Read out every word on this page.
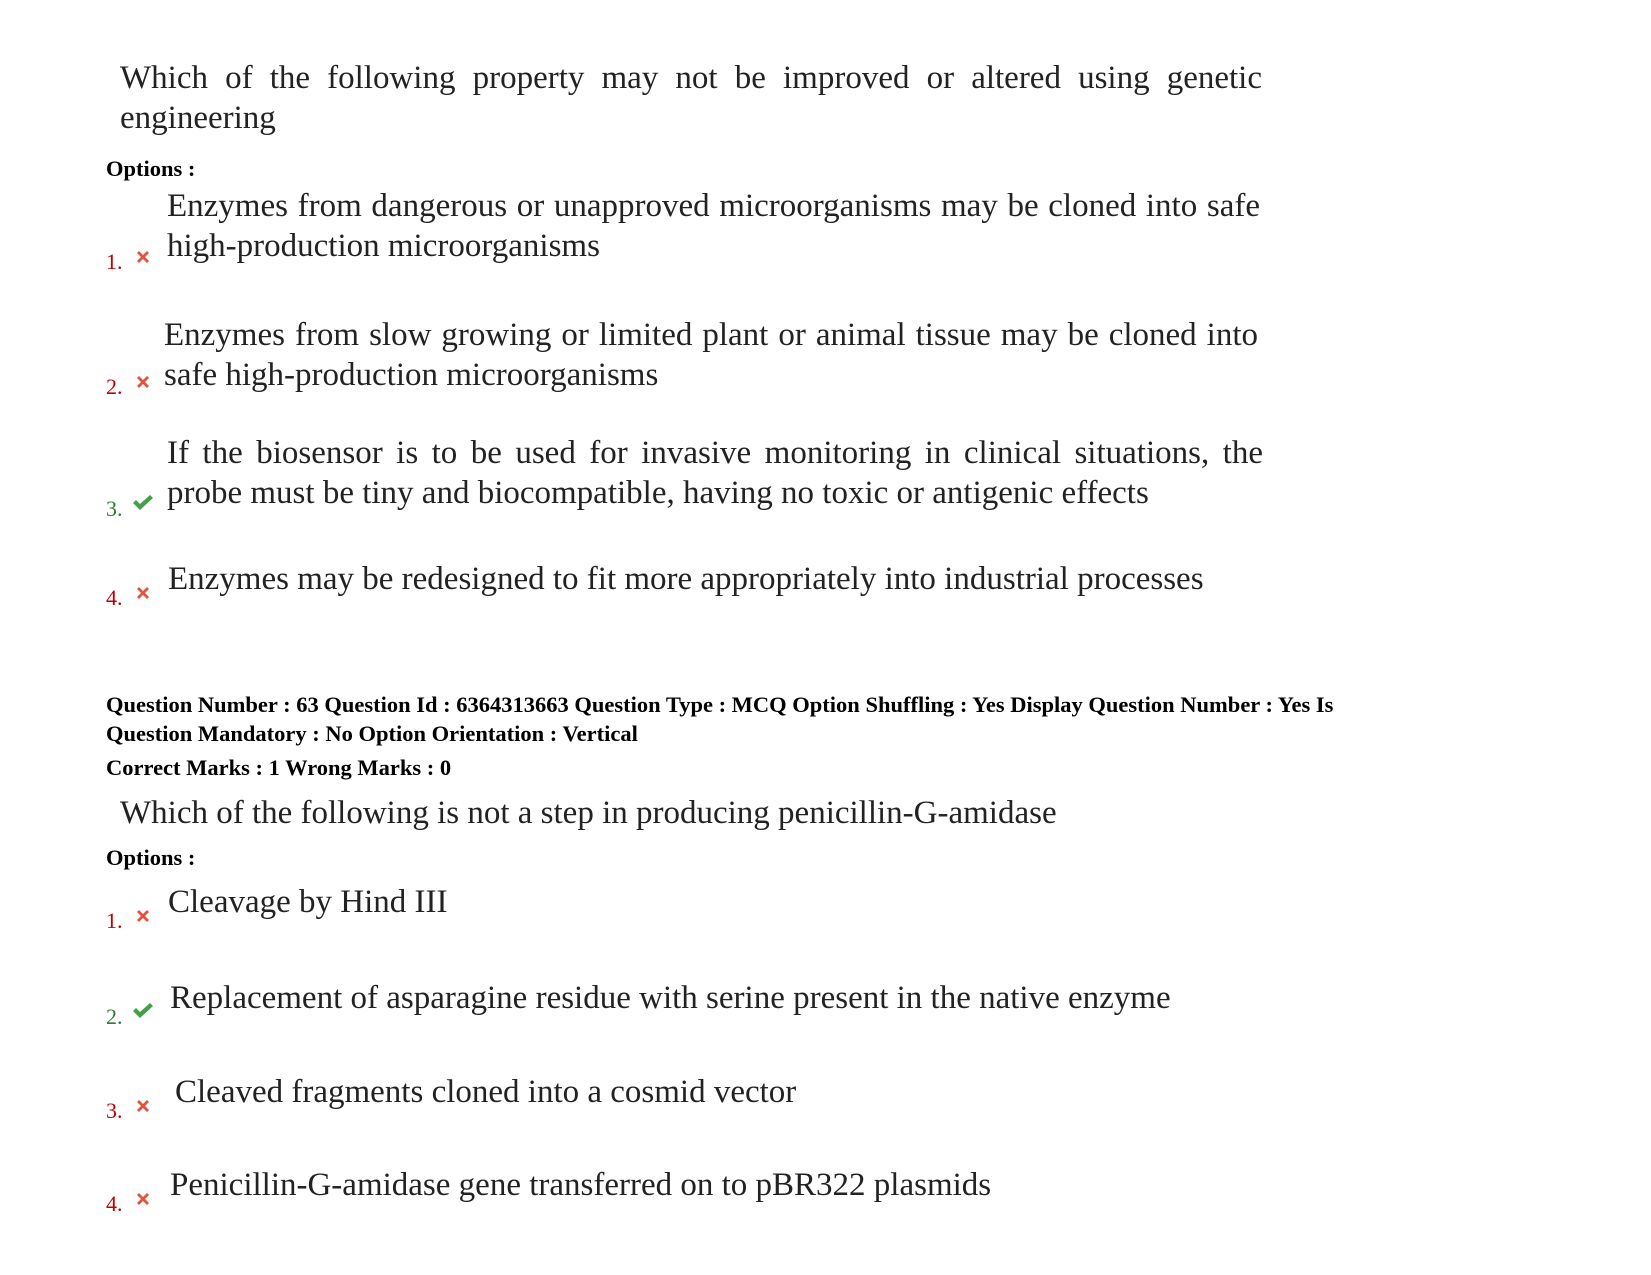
Which of the following property may not be improved or altered using genetic engineering
Options :
1.
Enzymes from dangerous or unapproved microorganisms may be cloned into safe high-production microorganisms
2.
Enzymes from slow growing or limited plant or animal tissue may be cloned into safe high-production microorganisms
3.
If the biosensor is to be used for invasive monitoring in clinical situations, the probe must be tiny and biocompatible, having no toxic or antigenic effects
4.
Enzymes may be redesigned to fit more appropriately into industrial processes
Question Number : 63 Question Id : 6364313663 Question Type : MCQ Option Shuffling : Yes Display Question Number : Yes Is
Question Mandatory : No Option Orientation : Vertical
Correct Marks : 1 Wrong Marks : 0
Which of the following is not a step in producing penicillin-G-amidase
Options :
1.
Cleavage by Hind III
2.
Replacement of asparagine residue with serine present in the native enzyme
3.
Cleaved fragments cloned into a cosmid vector
4.
Penicillin-G-amidase gene transferred on to pBR322 plasmids
